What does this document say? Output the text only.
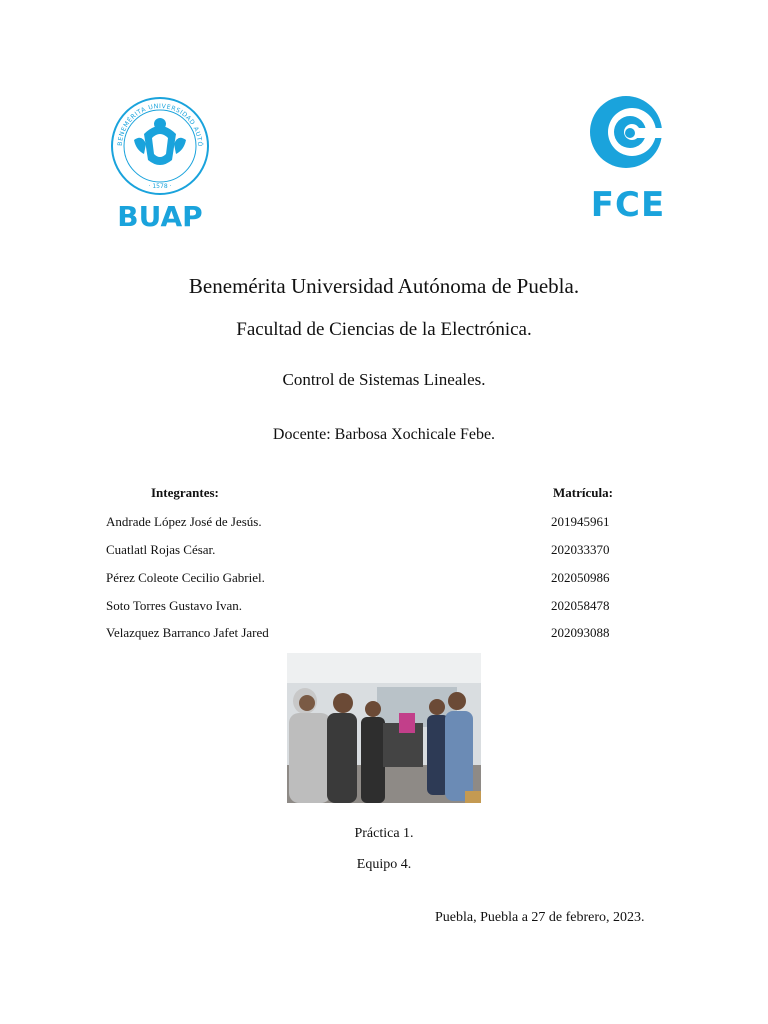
BENEMÉRITA UNIVERSIDAD AUTÓ
· 1578 ·
BUAP	FCE
Benemérita Universidad Autónoma de Puebla.
Facultad de Ciencias de la Electrónica.
Control de Sistemas Lineales.
Docente: Barbosa Xochicale Febe.
Integrantes:	Matrícula:
Andrade López José de Jesús.	201945961
Cuatlatl Rojas César.	202033370
Pérez Coleote Cecilio Gabriel.	202050986
Soto Torres Gustavo Ivan.	202058478
Velazquez Barranco Jafet Jared	202093088
Práctica 1.
Equipo 4.
Puebla, Puebla a 27 de febrero, 2023.
